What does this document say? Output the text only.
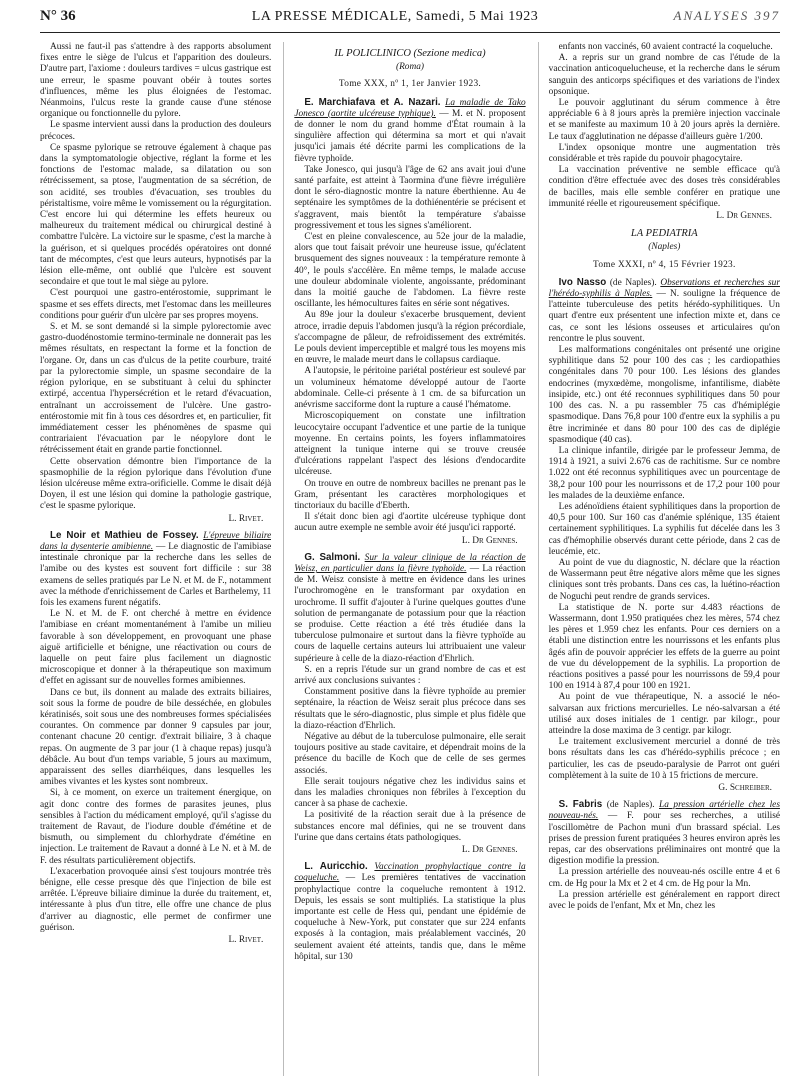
N° 36	LA PRESSE MÉDICALE, Samedi, 5 Mai 1923	ANALYSES 397

Aussi ne faut-il pas s'attendre à des rapports absolument fixes entre le siège de l'ulcus et l'apparition des douleurs. D'autre part, l'axiome : douleurs tardives = ulcus gastrique est une erreur, le spasme pouvant obéir à toutes sortes d'influences, même les plus éloignées de l'estomac. Néanmoins, l'ulcus reste la grande cause d'une sténose organique ou fonctionnelle du pylore.

Le spasme intervient aussi dans la production des douleurs précoces.

Ce spasme pylorique se retrouve également à chaque pas dans la symptomatologie objective, réglant la forme et les fonctions de l'estomac malade, sa dilatation ou son rétrécissement, sa ptose, l'augmentation de sa sécrétion, de son acidité, ses troubles d'évacuation, ses troubles du péristaltisme, voire même le vomissement ou la régurgitation. C'est encore lui qui détermine les effets heureux ou malheureux du traitement médical ou chirurgical destiné à combattre l'ulcère. La victoire sur le spasme, c'est la marche à la guérison, et si quelques procédés opératoires ont donné tant de mécomptes, c'est que leurs auteurs, hypnotisés par la lésion elle-même, ont oublié que l'ulcère est souvent secondaire et que tout le mal siège au pylore.

C'est pourquoi une gastro-entérostomie, supprimant le spasme et ses effets directs, met l'estomac dans les meilleures conditions pour guérir d'un ulcère par ses propres moyens.

S. et M. se sont demandé si la simple pylorectomie avec gastro-duodénostomie termino-terminale ne donnerait pas les mêmes résultats, en respectant la forme et la fonction de l'organe. Or, dans un cas d'ulcus de la petite courbure, traité par la pylorectomie simple, un spasme secondaire de la région pylorique, en se substituant à celui du sphincter extirpé, accentua l'hypersécrétion et le retard d'évacuation, entraînant un accroissement de l'ulcère. Une gastro-entérostomie mit fin à tous ces désordres et, en particulier, fit immédiatement cesser les phénomènes de spasme qui contrariaient l'évacuation par le néopylore dont le rétrécissement était en grande partie fonctionnel.

Cette observation démontre bien l'importance de la spasmophilie de la région pylorique dans l'évolution d'une lésion ulcéreuse même extra-orificielle. Comme le disait déjà Doyen, il est une lésion qui domine la pathologie gastrique, c'est le spasme pylorique.

L. Rivet.

Le Noir et Mathieu de Fossey. L'épreuve biliaire dans la dysenterie amibienne. — Le diagnostic de l'amibiase intestinale chronique par la recherche dans les selles de l'amibe ou des kystes est souvent fort difficile : sur 38 examens de selles pratiqués par Le N. et M. de F., notamment avec la méthode d'enrichissement de Carles et Barthelemy, 11 fois les examens furent négatifs.

Le N. et M. de F. ont cherché à mettre en évidence l'amibiase en créant momentanément à l'amibe un milieu favorable à son développement, en provoquant une phase aiguë artificielle et bénigne, une réactivation ou cours de laquelle on peut faire plus facilement un diagnostic microscopique et donner à la thérapeutique son maximum d'effet en agissant sur de nouvelles formes amibiennes.

Dans ce but, ils donnent au malade des extraits biliaires, soit sous la forme de poudre de bile desséchée, en globules kératinisés, soit sous une des nombreuses formes spécialisées courantes. On commence par donner 9 capsules par jour, contenant chacune 20 centigr. d'extrait biliaire, 3 à chaque repas. On augmente de 3 par jour (1 à chaque repas) jusqu'à débâcle. Au bout d'un temps variable, 5 jours au maximum, apparaissent des selles diarrhéiques, dans lesquelles les amibes vivantes et les kystes sont nombreux.

Si, à ce moment, on exerce un traitement énergique, on agit donc contre des formes de parasites jeunes, plus sensibles à l'action du médicament employé, qu'il s'agisse du traitement de Ravaut, de l'iodure double d'émétine et de bismuth, ou simplement du chlorhydrate d'émétine en injection. Le traitement de Ravaut a donné à Le N. et à M. de F. des résultats particulièrement objectifs.

L'exacerbation provoquée ainsi s'est toujours montrée très bénigne, elle cesse presque dès que l'injection de bile est arrêtée. L'épreuve biliaire diminue la durée du traitement, et, intéressante à plus d'un titre, elle offre une chance de plus d'arriver au diagnostic, elle permet de confirmer une guérison.

L. Rivet.
IL POLICLINICO (Sezione medica)
(Roma)
Tome XXX, nº 1, 1er Janvier 1923.

E. Marchiafava et A. Nazari. La maladie de Tako Jonesco (aortite ulcéreuse typhique). — M. et N. proposent de donner le nom du grand homme d'État roumain à la singulière affection qui détermina sa mort et qui n'avait jusqu'ici jamais été décrite parmi les complications de la fièvre typhoïde.

Take Jonesco, qui jusqu'à l'âge de 62 ans avait joui d'une santé parfaite, est atteint à Taormina d'une fièvre irrégulière dont le séro-diagnostic montre la nature éberthienne. Au 4e septénaire les symptômes de la dothiénentérie se précisent et s'aggravent, mais bientôt la température s'abaisse progressivement et tous les signes s'améliorent.

C'est en pleine convalescence, au 52e jour de la maladie, alors que tout faisait prévoir une heureuse issue, qu'éclatent brusquement des signes nouveaux : la température remonte à 40°, le pouls s'accélère. En même temps, le malade accuse une douleur abdominale violente, angoissante, prédominant dans la moitié gauche de l'abdomen. La fièvre reste oscillante, les hémocultures faites en série sont négatives.

Au 89e jour la douleur s'exacerbe brusquement, devient atroce, irradie depuis l'abdomen jusqu'à la région précordiale, s'accompagne de pâleur, de refroidissement des extrémités. Le pouls devient imperceptible et malgré tous les moyens mis en œuvre, le malade meurt dans le collapsus cardiaque.

A l'autopsie, le péritoine pariétal postérieur est soulevé par un volumineux hématome développé autour de l'aorte abdominale. Celle-ci présente à 1 cm. de sa bifurcation un anévrisme sacciforme dont la rupture a causé l'hématome.

Microscopiquement on constate une infiltration leucocytaire occupant l'adventice et une partie de la tunique moyenne. En certains points, les foyers inflammatoires atteignent la tunique interne qui se trouve creusée d'ulcérations rappelant l'aspect des lésions d'endocardite ulcéreuse.

On trouve en outre de nombreux bacilles ne prenant pas le Gram, présentant les caractères morphologiques et tinctoriaux du bacille d'Eberth.

Il s'était donc bien agi d'aortite ulcéreuse typhique dont aucun autre exemple ne semble avoir été jusqu'ici rapporté.

L. Dr Gennes.

G. Salmoni. Sur la valeur clinique de la réaction de Weisz, en particulier dans la fièvre typhoïde. — La réaction de M. Weisz consiste à mettre en évidence dans les urines l'urochromogène en le transformant par oxydation en urochrome. Il suffit d'ajouter à l'urine quelques gouttes d'une solution de permanganate de potassium pour que la réaction se produise. Cette réaction a été très étudiée dans la tuberculose pulmonaire et surtout dans la fièvre typhoïde au cours de laquelle certains auteurs lui attribuaient une valeur supérieure à celle de la diazo-réaction d'Ehrlich.

S. en a repris l'étude sur un grand nombre de cas et est arrivé aux conclusions suivantes :

Constamment positive dans la fièvre typhoïde au premier septénaire, la réaction de Weisz serait plus précoce dans ses résultats que le séro-diagnostic, plus simple et plus fidèle que la diazo-réaction d'Ehrlich.

Négative au début de la tuberculose pulmonaire, elle serait toujours positive au stade cavitaire, et dépendrait moins de la présence du bacille de Koch que de celle de ses germes associés.

Elle serait toujours négative chez les individus sains et dans les maladies chroniques non fébriles à l'exception du cancer à sa phase de cachexie.

La positivité de la réaction serait due à la présence de substances encore mal définies, qui ne se trouvent dans l'urine que dans certains états pathologiques.

L. Dr Gennes.

L. Auricchio. Vaccination prophylactique contre la coqueluche. — Les premières tentatives de vaccination prophylactique contre la coqueluche remontent à 1912. Depuis, les essais se sont multipliés. La statistique la plus importante est celle de Hess qui, pendant une épidémie de coqueluche à New-York, put constater que sur 224 enfants exposés à la contagion, mais préalablement vaccinés, 20 seulement avaient été atteints, tandis que, dans le même hôpital, sur 130

enfants non vaccinés, 60 avaient contracté la coqueluche.

A. a repris sur un grand nombre de cas l'étude de la vaccination anticoquelucheuse, et la recherche dans le sérum sanguin des anticorps spécifiques et des variations de l'index opsonique.

Le pouvoir agglutinant du sérum commence à être appréciable 6 à 8 jours après la première injection vaccinale et se manifeste au maximum 10 à 20 jours après la dernière. Le taux d'agglutination ne dépasse d'ailleurs guère 1/200.

L'index opsonique montre une augmentation très considérable et très rapide du pouvoir phagocytaire.

La vaccination préventive ne semble efficace qu'à condition d'être effectuée avec des doses très considérables de bacilles, mais elle semble conférer en pratique une immunité réelle et rigoureusement spécifique.

L. Dr Gennes.
LA PEDIATRIA
(Naples)
Tome XXXI, nº 4, 15 Février 1923.

Ivo Nasso (de Naples). Observations et recherches sur l'hérédo-syphilis à Naples. — N. souligne la fréquence de l'atteinte tuberculeuse des petits hérédo-syphilitiques. Un quart d'entre eux présentent une infection mixte et, dans ce cas, ce sont les lésions osseuses et articulaires qu'on rencontre le plus souvent.

Les malformations congénitales ont présenté une origine syphilitique dans 52 pour 100 des cas ; les cardiopathies congénitales dans 70 pour 100. Les lésions des glandes endocrines (myxœdème, mongolisme, infantilisme, diabète insipide, etc.) ont été reconnues syphilitiques dans 50 pour 100 des cas. N. a pu rassembler 75 cas d'hémiplégie spasmodique. Dans 76,8 pour 100 d'entre eux la syphilis a pu être incriminée et dans 80 pour 100 des cas de diplégie spasmodique (40 cas).

La clinique infantile, dirigée par le professeur Jemma, de 1914 à 1921, a suivi 2.676 cas de rachitisme. Sur ce nombre 1.022 ont été reconnus syphilitiques avec un pourcentage de 38,2 pour 100 pour les nourrissons et de 17,2 pour 100 pour les malades de la deuxième enfance.

Les adénoïdiens étaient syphilitiques dans la proportion de 40,5 pour 100. Sur 160 cas d'anémie splénique, 135 étaient certainement syphilitiques. La syphilis fut décelée dans les 3 cas d'hémophilie observés durant cette période, dans 2 cas de leucémie, etc.

Au point de vue du diagnostic, N. déclare que la réaction de Wassermann peut être négative alors même que les signes cliniques sont très probants. Dans ces cas, la luétino-réaction de Noguchi peut rendre de grands services.

La statistique de N. porte sur 4.483 réactions de Wassermann, dont 1.950 pratiquées chez les mères, 574 chez les pères et 1.959 chez les enfants. Pour ces derniers on a établi une distinction entre les nourrissons et les enfants plus âgés afin de pouvoir apprécier les effets de la guerre au point de vue du développement de la syphilis. La proportion de réactions positives a passé pour les nourrissons de 59,4 pour 100 en 1914 à 87,4 pour 100 en 1921.

Au point de vue thérapeutique, N. a associé le néo-salvarsan aux frictions mercurielles. Le néo-salvarsan a été utilisé aux doses initiales de 1 centigr. par kilogr., pour atteindre la dose maxima de 3 centigr. par kilogr.

Le traitement exclusivement mercuriel a donné de très bons résultats dans les cas d'hérédo-syphilis précoce ; en particulier, les cas de pseudo-paralysie de Parrot ont guéri complètement à la suite de 10 à 15 frictions de mercure.

G. Schreiber.

S. Fabris (de Naples). La pression artérielle chez les nouveau-nés. — F. pour ses recherches, a utilisé l'oscillomètre de Pachon muni d'un brassard spécial. Les prises de pression furent pratiquées 3 heures environ après les repas, car des observations préliminaires ont montré que la digestion modifie la pression.

La pression artérielle des nouveau-nés oscille entre 4 et 6 cm. de Hg pour la Mx et 2 et 4 cm. de Hg pour la Mn.

La pression artérielle est généralement en rapport direct avec le poids de l'enfant, Mx et Mn, chez les
